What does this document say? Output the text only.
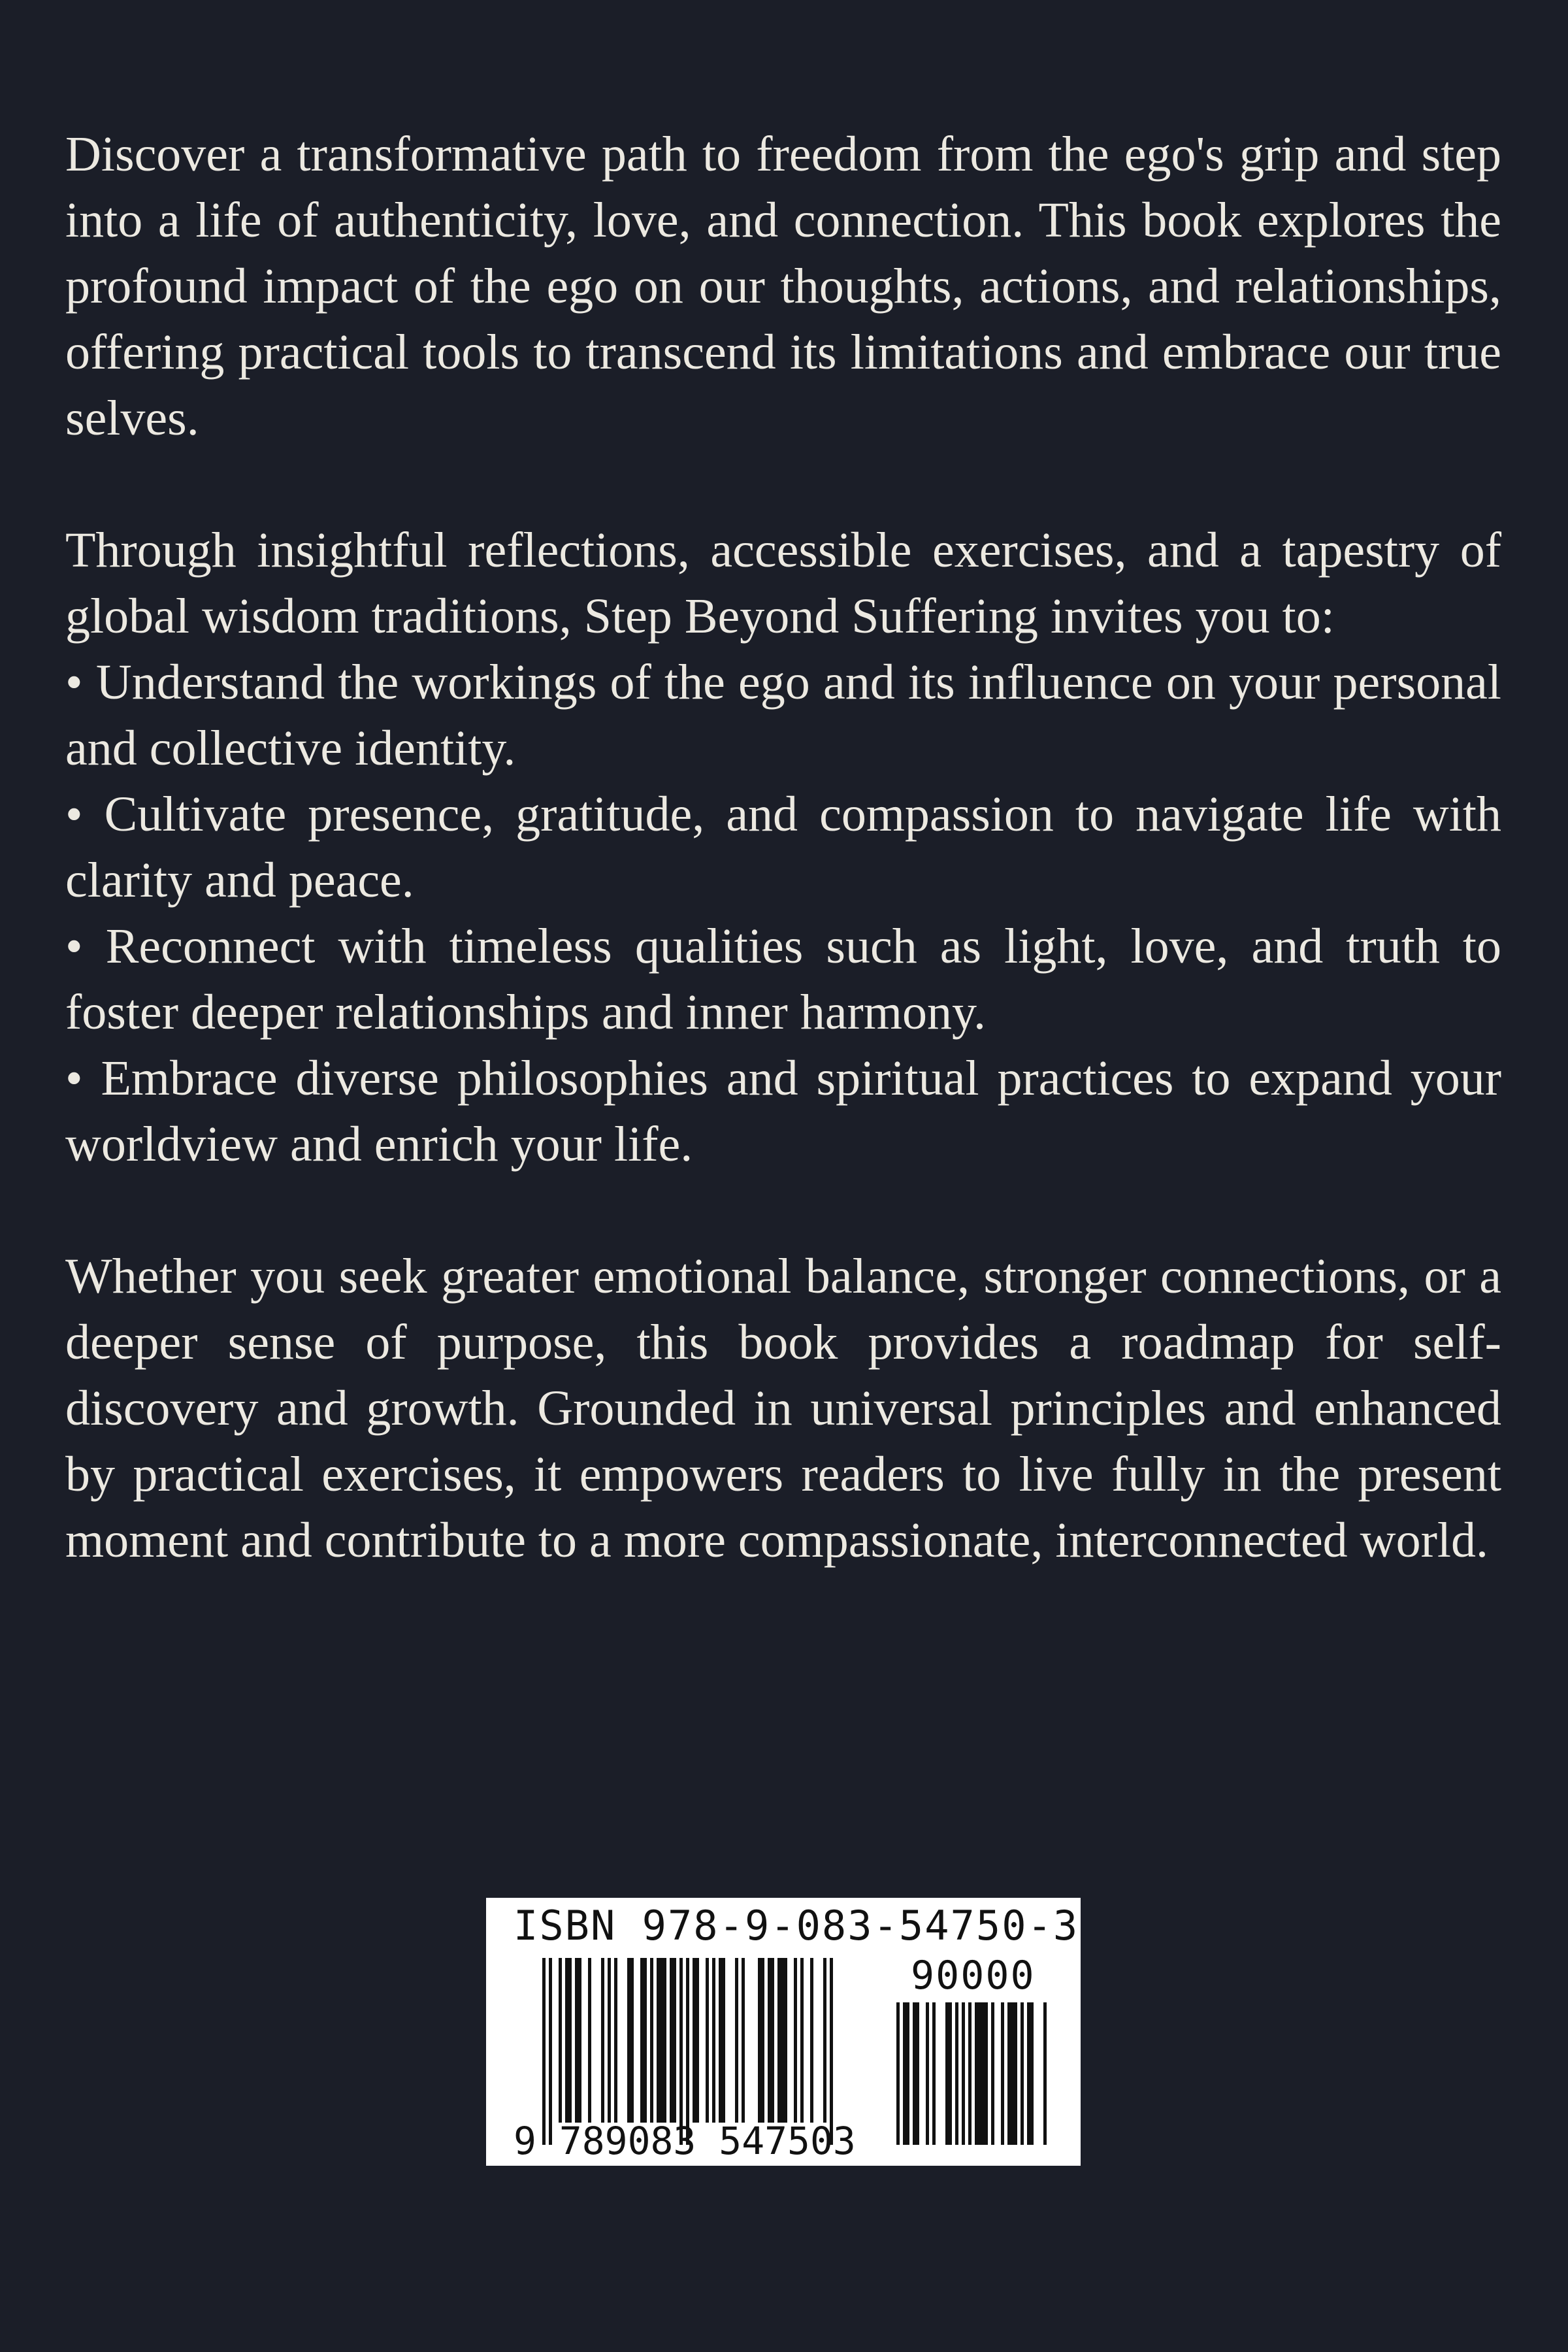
Discover a transformative path to freedom from the ego's grip and step into a life of authenticity, love, and connection. This book explores the profound impact of the ego on our thoughts, actions, and relationships, offering practical tools to transcend its limitations and embrace our true selves.

Through insightful reflections, accessible exercises, and a tapestry of global wisdom traditions, Step Beyond Suffering invites you to:

• Understand the workings of the ego and its influence on your personal and collective identity.
• Cultivate presence, gratitude, and compassion to navigate life with clarity and peace.
• Reconnect with timeless qualities such as light, love, and truth to foster deeper relationships and inner harmony.
• Embrace diverse philosophies and spiritual practices to expand your worldview and enrich your life.

Whether you seek greater emotional balance, stronger connections, or a deeper sense of purpose, this book provides a roadmap for self-discovery and growth. Grounded in universal principles and enhanced by practical exercises, it empowers readers to live fully in the present moment and contribute to a more compassionate, interconnected world.

ISBN 978-9-083-54750-3
90000
9 789083 547503
